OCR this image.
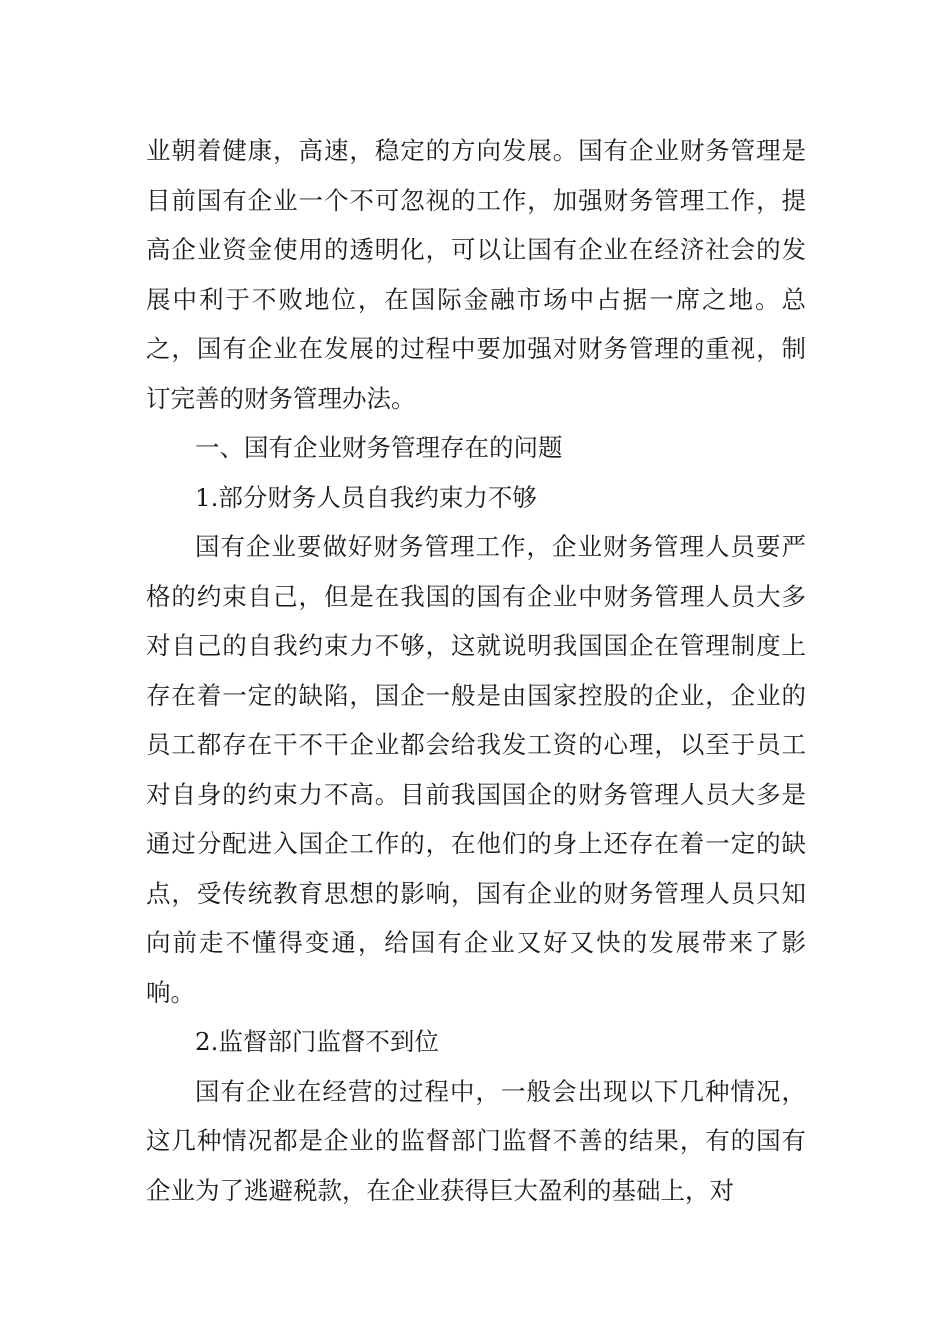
业朝着健康，高速，稳定的方向发展。国有企业财务管理是目前国有企业一个不可忽视的工作，加强财务管理工作，提高企业资金使用的透明化，可以让国有企业在经济社会的发展中利于不败地位，在国际金融市场中占据一席之地。总之，国有企业在发展的过程中要加强对财务管理的重视，制订完善的财务管理办法。

一、国有企业财务管理存在的问题

1.部分财务人员自我约束力不够

国有企业要做好财务管理工作，企业财务管理人员要严格的约束自己，但是在我国的国有企业中财务管理人员大多对自己的自我约束力不够，这就说明我国国企在管理制度上存在着一定的缺陷，国企一般是由国家控股的企业，企业的员工都存在干不干企业都会给我发工资的心理，以至于员工对自身的约束力不高。目前我国国企的财务管理人员大多是通过分配进入国企工作的，在他们的身上还存在着一定的缺点，受传统教育思想的影响，国有企业的财务管理人员只知向前走不懂得变通，给国有企业又好又快的发展带来了影响。

2.监督部门监督不到位

国有企业在经营的过程中，一般会出现以下几种情况，这几种情况都是企业的监督部门监督不善的结果，有的国有企业为了逃避税款，在企业获得巨大盈利的基础上，对
